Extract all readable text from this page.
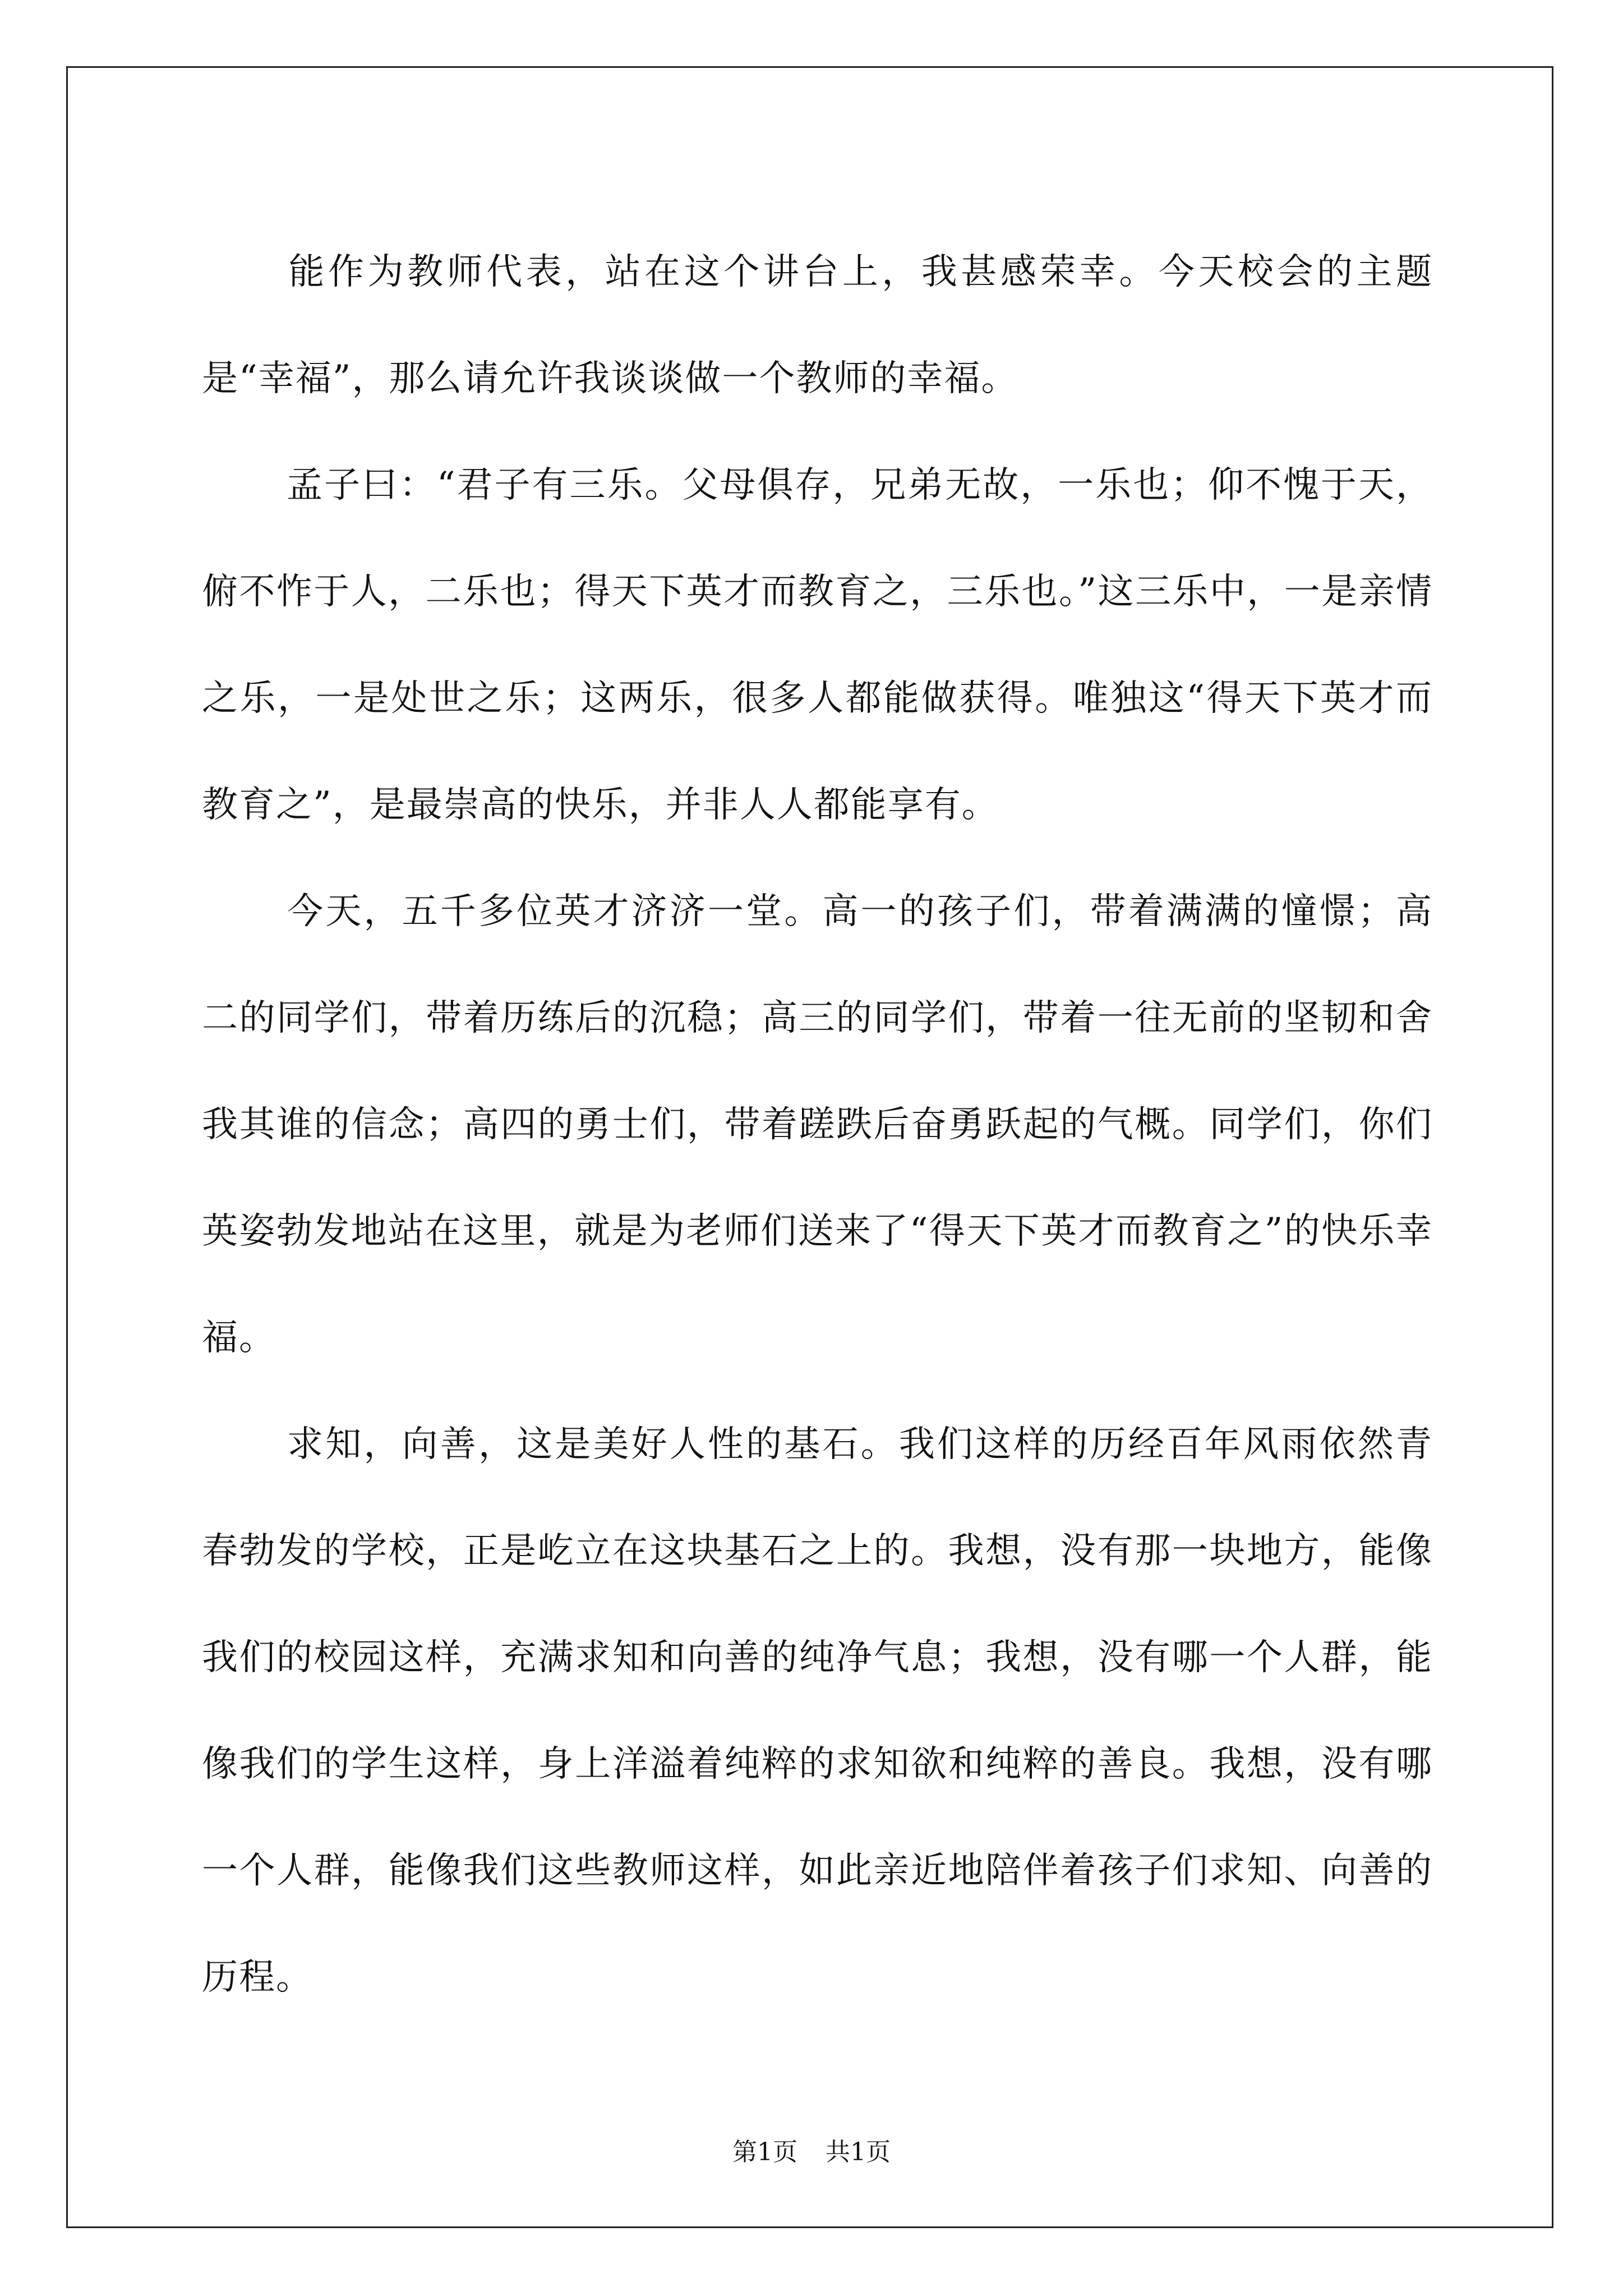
能作为教师代表，站在这个讲台上，我甚感荣幸。今天校会的主题是“幸福”，那么请允许我谈谈做一个教师的幸福。

孟子曰：“君子有三乐。父母俱存，兄弟无故，一乐也；仰不愧于天，俯不怍于人，二乐也；得天下英才而教育之，三乐也。”这三乐中，一是亲情之乐，一是处世之乐；这两乐，很多人都能做获得。唯独这“得天下英才而教育之”，是最崇高的快乐，并非人人都能享有。

今天，五千多位英才济济一堂。高一的孩子们，带着满满的憧憬；高二的同学们，带着历练后的沉稳；高三的同学们，带着一往无前的坚韧和舍我其谁的信念；高四的勇士们，带着蹉跌后奋勇跃起的气概。同学们，你们英姿勃发地站在这里，就是为老师们送来了“得天下英才而教育之”的快乐幸福。

求知，向善，这是美好人性的基石。我们这样的历经百年风雨依然青春勃发的学校，正是屹立在这块基石之上的。我想，没有那一块地方，能像我们的校园这样，充满求知和向善的纯净气息；我想，没有哪一个人群，能像我们的学生这样，身上洋溢着纯粹的求知欲和纯粹的善良。我想，没有哪一个人群，能像我们这些教师这样，如此亲近地陪伴着孩子们求知、向善的历程。

第1页 共1页
